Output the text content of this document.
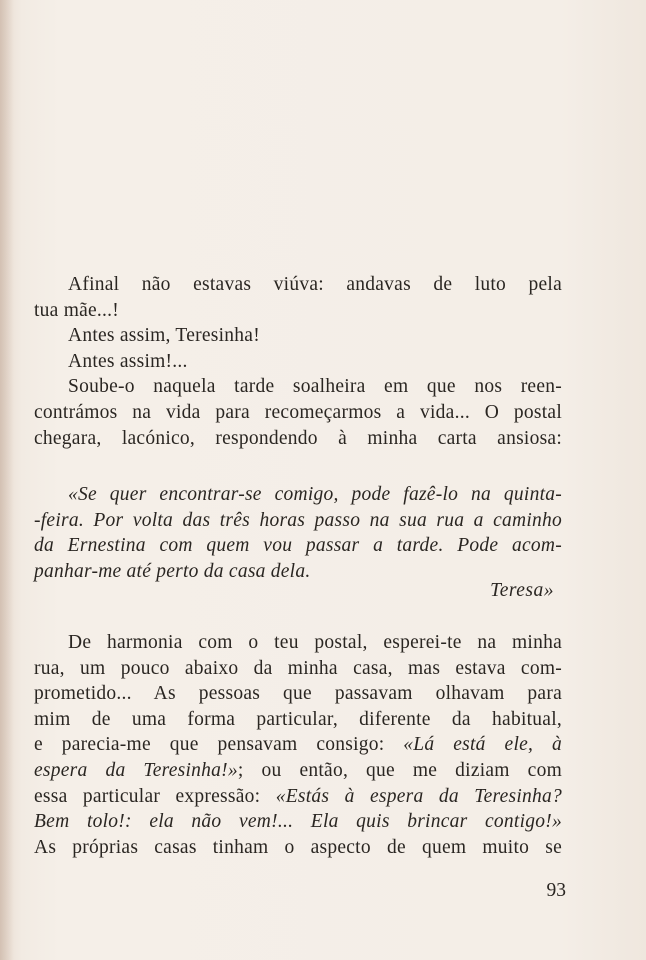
Afinal não estavas viúva: andavas de luto pela
tua mãe...!
Antes assim, Teresinha!
Antes assim!...
Soube-o naquela tarde soalheira em que nos reen-
contrámos na vida para recomeçarmos a vida... O postal
chegara, lacónico, respondendo à minha carta ansiosa:
«Se quer encontrar-se comigo, pode fazê-lo na quinta-
-feira. Por volta das três horas passo na sua rua a caminho
da Ernestina com quem vou passar a tarde. Pode acom-
panhar-me até perto da casa dela.
Teresa»
De harmonia com o teu postal, esperei-te na minha
rua, um pouco abaixo da minha casa, mas estava com-
prometido... As pessoas que passavam olhavam para
mim de uma forma particular, diferente da habitual,
e parecia-me que pensavam consigo: «Lá está ele, à
espera da Teresinha!»; ou então, que me diziam com
essa particular expressão: «Estás à espera da Teresinha?
Bem tolo!: ela não vem!... Ela quis brincar contigo!»
As próprias casas tinham o aspecto de quem muito se
93
